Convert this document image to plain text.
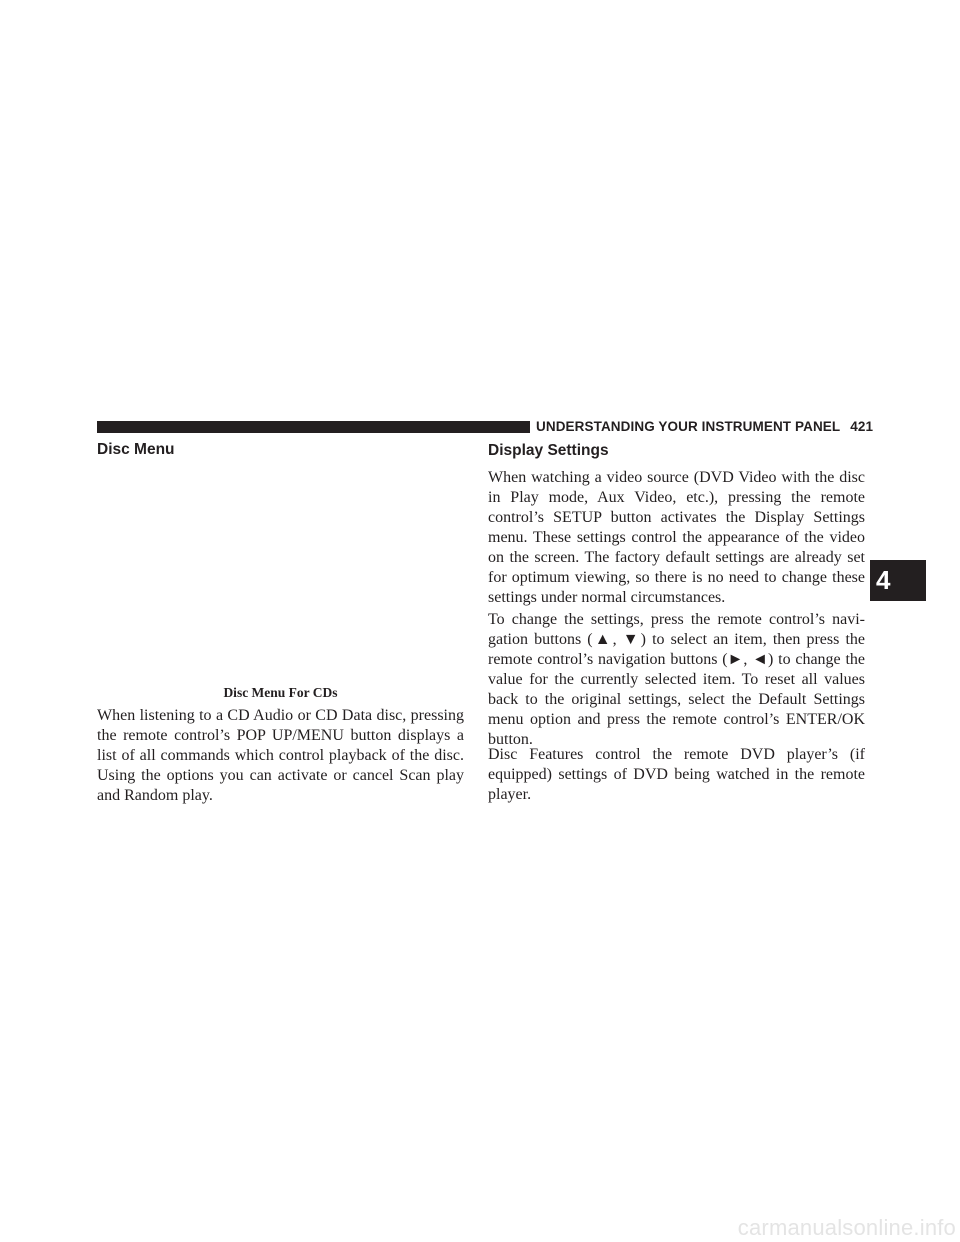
UNDERSTANDING YOUR INSTRUMENT PANEL 421
Disc Menu
Disc Menu For CDs

When listening to a CD Audio or CD Data disc, pressing the remote control’s POP UP/MENU button displays a list of all commands which control playback of the disc. Using the options you can activate or cancel Scan play and Random play.

Display Settings

When watching a video source (DVD Video with the disc in Play mode, Aux Video, etc.), pressing the remote control’s SETUP button activates the Display Settings menu. These settings control the appearance of the video on the screen. The factory default settings are already set for optimum viewing, so there is no need to change these settings under normal circumstances.

To change the settings, press the remote control’s navi-gation buttons (▲, ▼) to select an item, then press the remote control’s navigation buttons (►, ◄) to change the value for the currently selected item. To reset all values back to the original settings, select the Default Settings menu option and press the remote control’s ENTER/OK button.

Disc Features control the remote DVD player’s (if equipped) settings of DVD being watched in the remote player.

4
carmanualsonline.info
